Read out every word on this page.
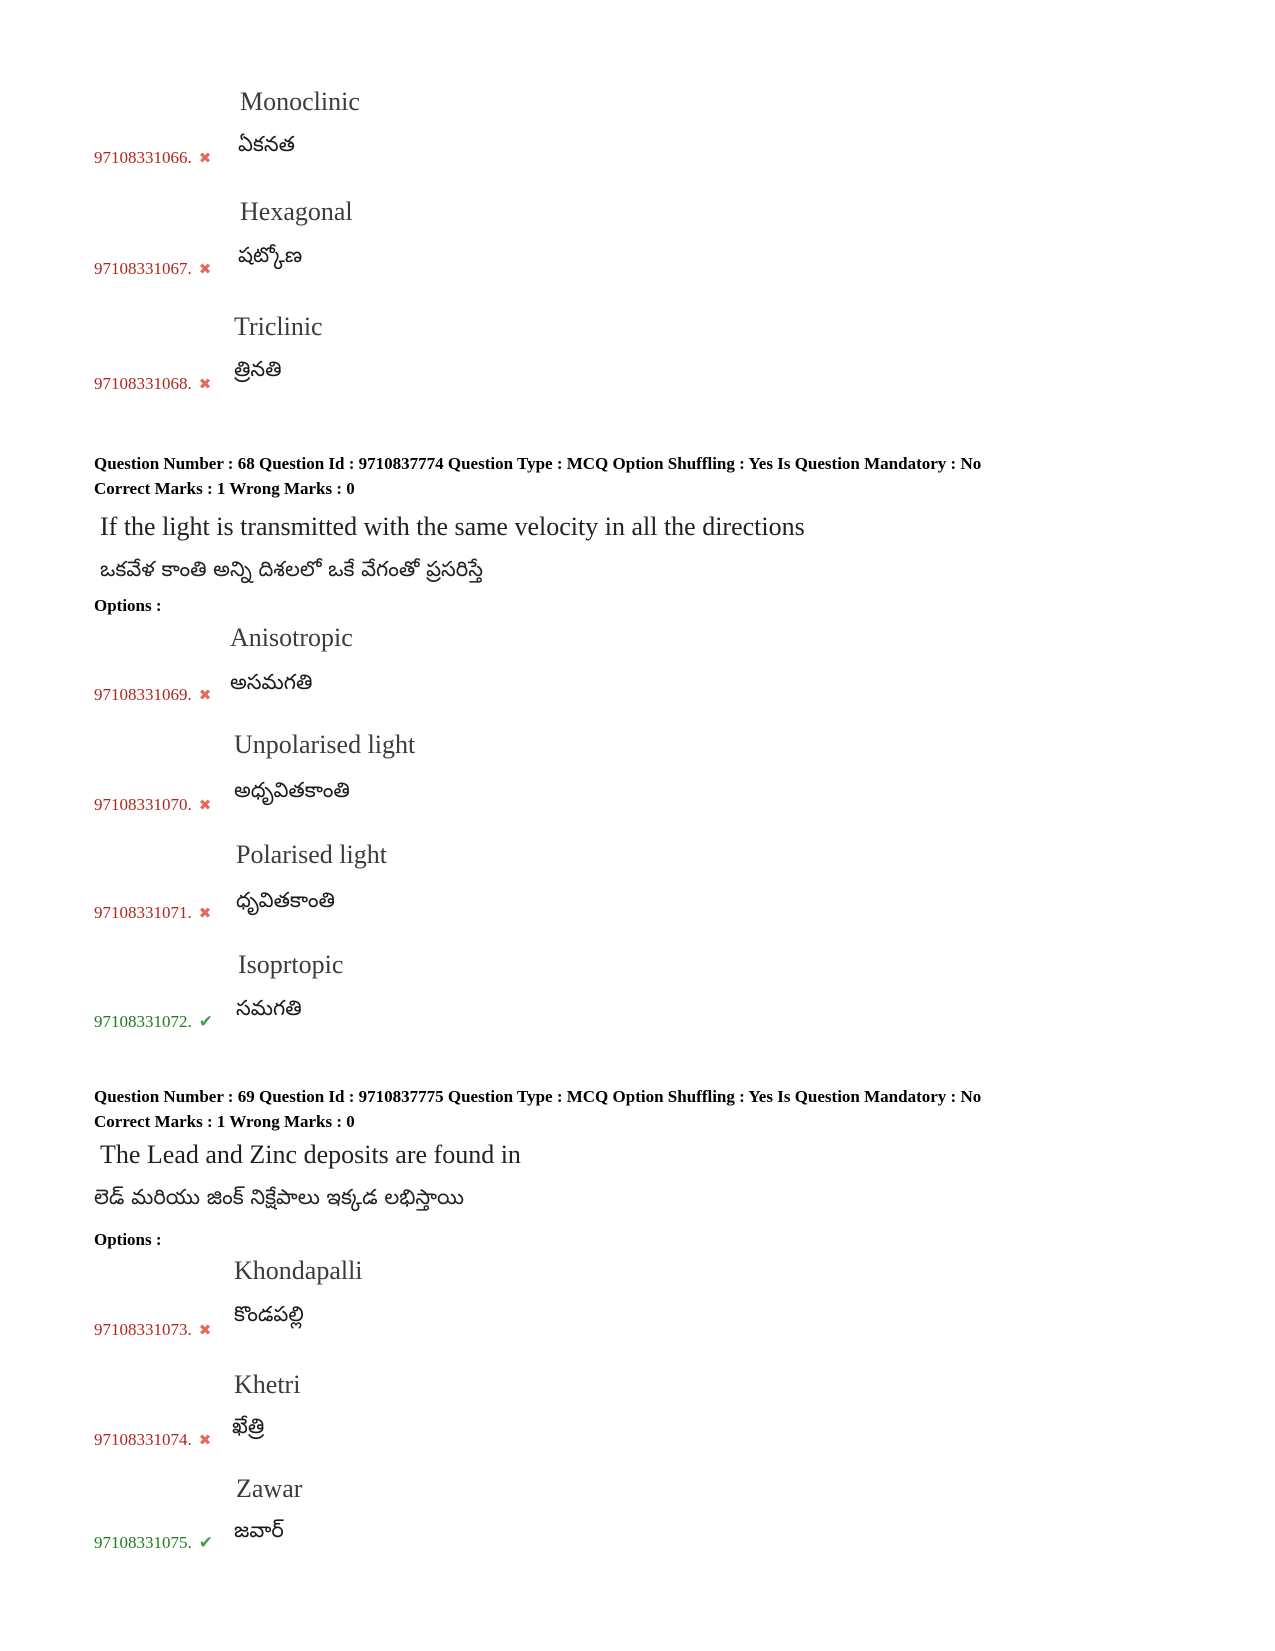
Monoclinic
ఏకనత
97108331066. ✖
Hexagonal
షట్కోణ
97108331067. ✖
Triclinic
త్రినతి
97108331068. ✖
Question Number : 68 Question Id : 9710837774 Question Type : MCQ Option Shuffling : Yes Is Question Mandatory : No
Correct Marks : 1 Wrong Marks : 0
If the light is transmitted with the same velocity in all the directions
ఒకవేళ కాంతి అన్ని దిశలలో ఒకే వేగంతో ప్రసరిస్తే
Options :
Anisotropic
అసమగతి
97108331069. ✖
Unpolarised light
అధృవితకాంతి
97108331070. ✖
Polarised light
ధృవితకాంతి
97108331071. ✖
Isoprtopic
సమగతి
97108331072. ✔
Question Number : 69 Question Id : 9710837775 Question Type : MCQ Option Shuffling : Yes Is Question Mandatory : No
Correct Marks : 1 Wrong Marks : 0
The Lead and Zinc deposits are found in
లెడ్ మరియు జింక్ నిక్షేపాలు ఇక్కడ లభిస్తాయి
Options :
Khondapalli
కొండపల్లి
97108331073. ✖
Khetri
ఖేత్రి
97108331074. ✖
Zawar
జవార్
97108331075. ✔
